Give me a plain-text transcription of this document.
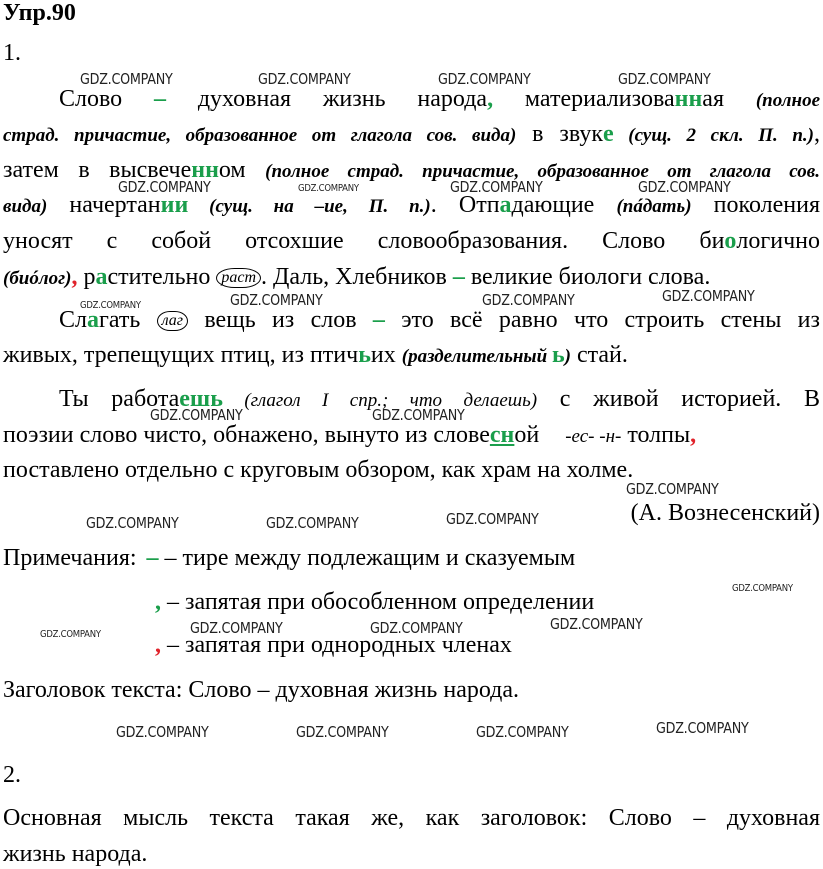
Упр.90
1.
Слово – духовная жизнь народа, материализованная (полное
страд. причастие, образованное от глагола сов. вида) в звуке (сущ. 2 скл. П. п.),
затем в высвеченном (полное страд. причастие, образованное от глагола сов.
вида) начертании (сущ. на –ие, П. п.). Отпадающие (пáдать) поколения
уносят с собой отсохшие словообразования. Слово биологично
(биóлог), растительно раст . Даль, Хлебников – великие биологи слова.
Слагать лаг вещь из слов – это всё равно что строить стены из
живых, трепещущих птиц, из птичьих (разделительный ь) стай.
Ты работаешь (глагол I спр.; что делаешь) с живой историей. В
поэзии слово чисто, обнажено, вынуто из словесной -ес- -н- толпы,
поставлено отдельно с круговым обзором, как храм на холме.
(А. Вознесенский)
Примечания: – – тире между подлежащим и сказуемым
, – запятая при обособленном определении
, – запятая при однородных членах
Заголовок текста: Слово – духовная жизнь народа.
2.
Основная мысль текста такая же, как заголовок: Слово – духовная
жизнь народа.
GDZ.COMPANY	GDZ.COMPANY	GDZ.COMPANY	GDZ.COMPANY
GDZ.COMPANY	GDZ.COMPANY	GDZ.COMPANY	GDZ.COMPANY
GDZ.COMPANY	GDZ.COMPANY	GDZ.COMPANY	GDZ.COMPANY
GDZ.COMPANY	GDZ.COMPANY
GDZ.COMPANY
GDZ.COMPANY	GDZ.COMPANY	GDZ.COMPANY
GDZ.COMPANY
GDZ.COMPANY	GDZ.COMPANY	GDZ.COMPANY	GDZ.COMPANY
GDZ.COMPANY	GDZ.COMPANY	GDZ.COMPANY	GDZ.COMPANY
